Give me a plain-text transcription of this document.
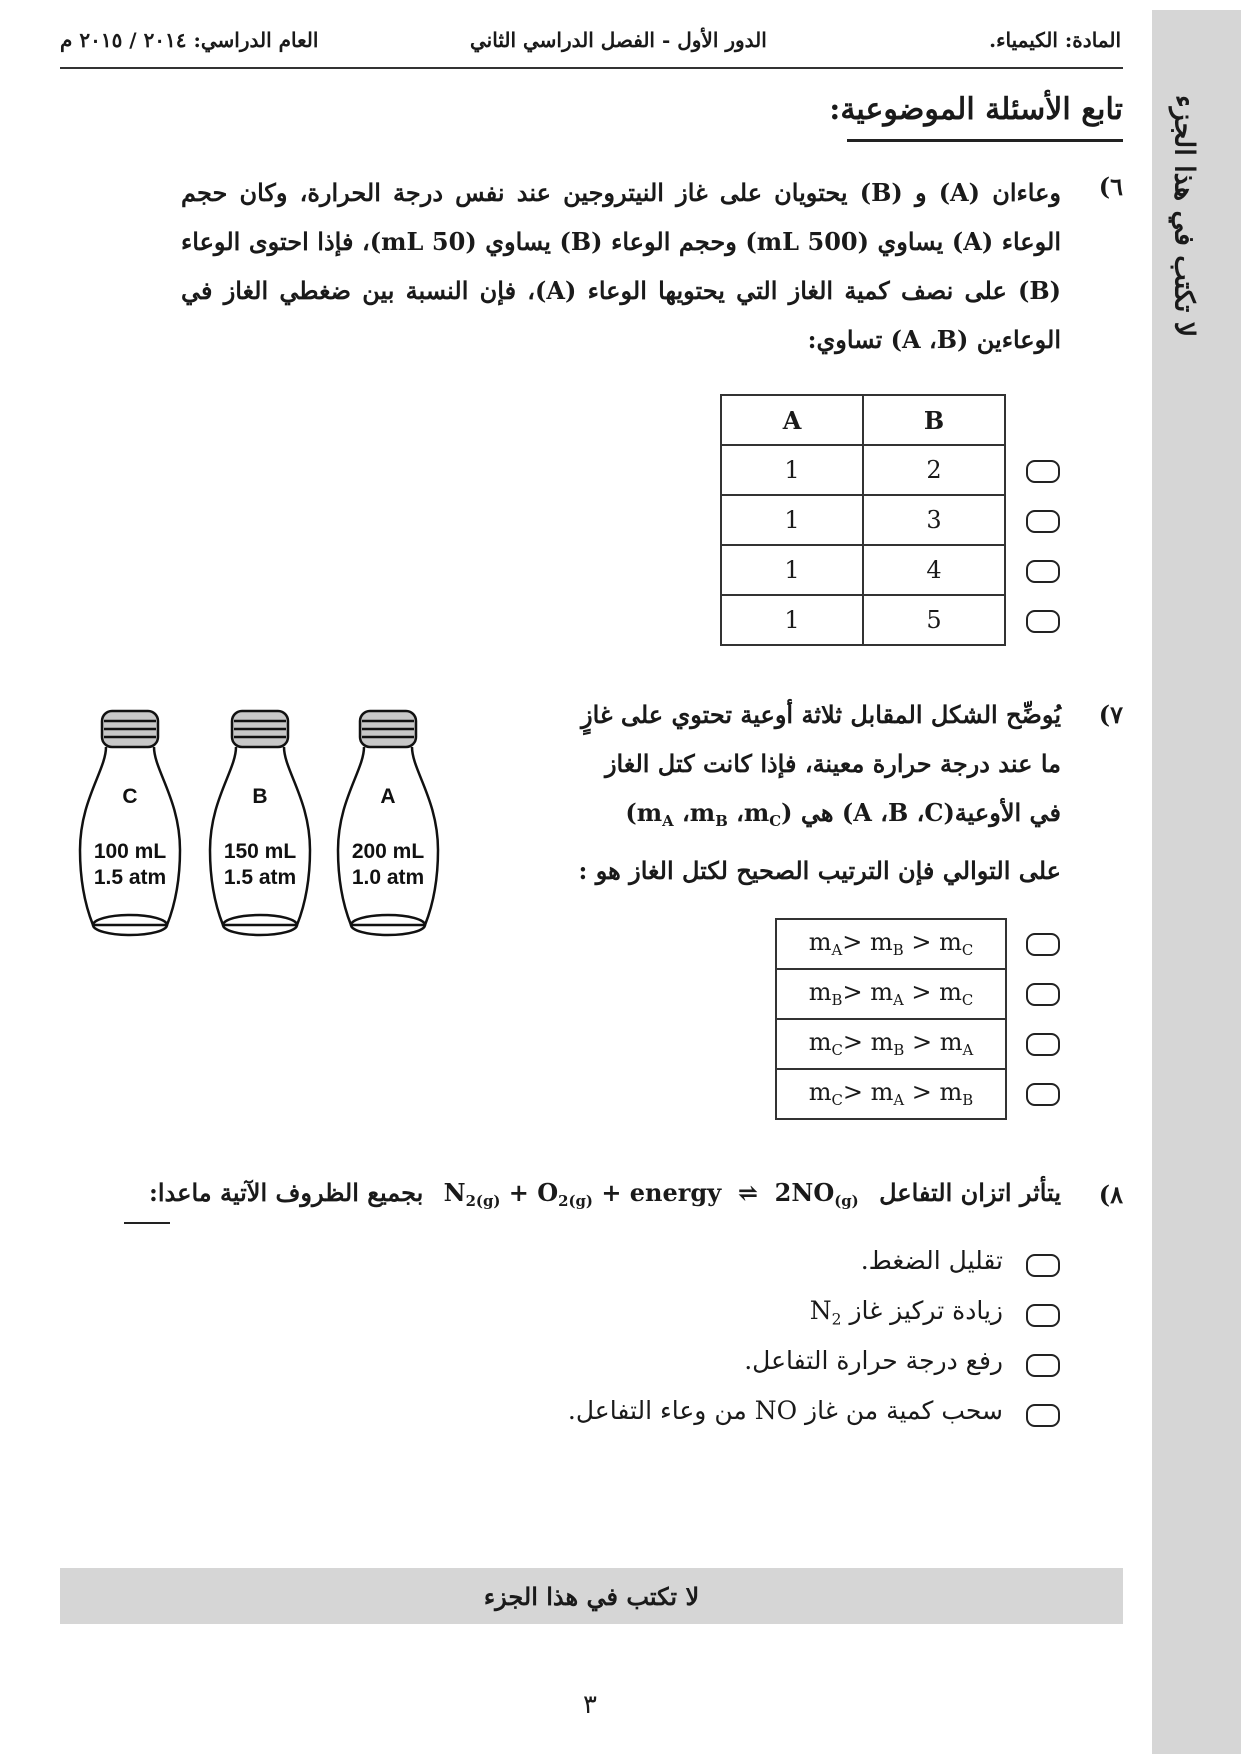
لا تكتب في هذا الجزء
المادة: الكيمياء.
الدور الأول - الفصل الدراسي الثاني
العام الدراسي: ٢٠١٤ / ٢٠١٥ م
تابع الأسئلة الموضوعية:
٦)
وعاءان (A) و (B) يحتويان على غاز النيتروجين عند نفس درجة الحرارة، وكان حجم الوعاء (A) يساوي (500 mL) وحجم الوعاء (B) يساوي (50 mL)، فإذا احتوى الوعاء (B) على نصف كمية الغاز التي يحتويها الوعاء (A)، فإن النسبة بين ضغطي الغاز في الوعاءين (A ،B) تساوي:
A	B
1	2
1	3
1	4
1	5
٧)
يُوضِّح الشكل المقابل ثلاثة أوعية تحتوي على غازٍ
ما عند درجة حرارة معينة، فإذا كانت كتل الغاز
في الأوعية(A ،B ،C) هي ($m_A$ $،m_B$ $،m_C$)
على التوالي فإن الترتيب الصحيح لكتل الغاز هو :
C
100 mL
1.5 atm
B
150 mL
1.5 atm
A
200 mL
1.0 atm
$m_A> m_B > m_C$
$m_B> m_A > m_C$
$m_C> m_B > m_A$
$m_C> m_A > m_B$
٨)
يتأثر اتزان التفاعل $N_{2(g)} + O_{2(g)}$ + energy  ⇌  $2NO_{(g)}$ بجميع الظروف الآتية ماعدا:
تقليل الضغط.
زيادة تركيز غاز $N_2$
رفع درجة حرارة التفاعل.
سحب كمية من غاز NO من وعاء التفاعل.
لا تكتب في هذا الجزء
٣
